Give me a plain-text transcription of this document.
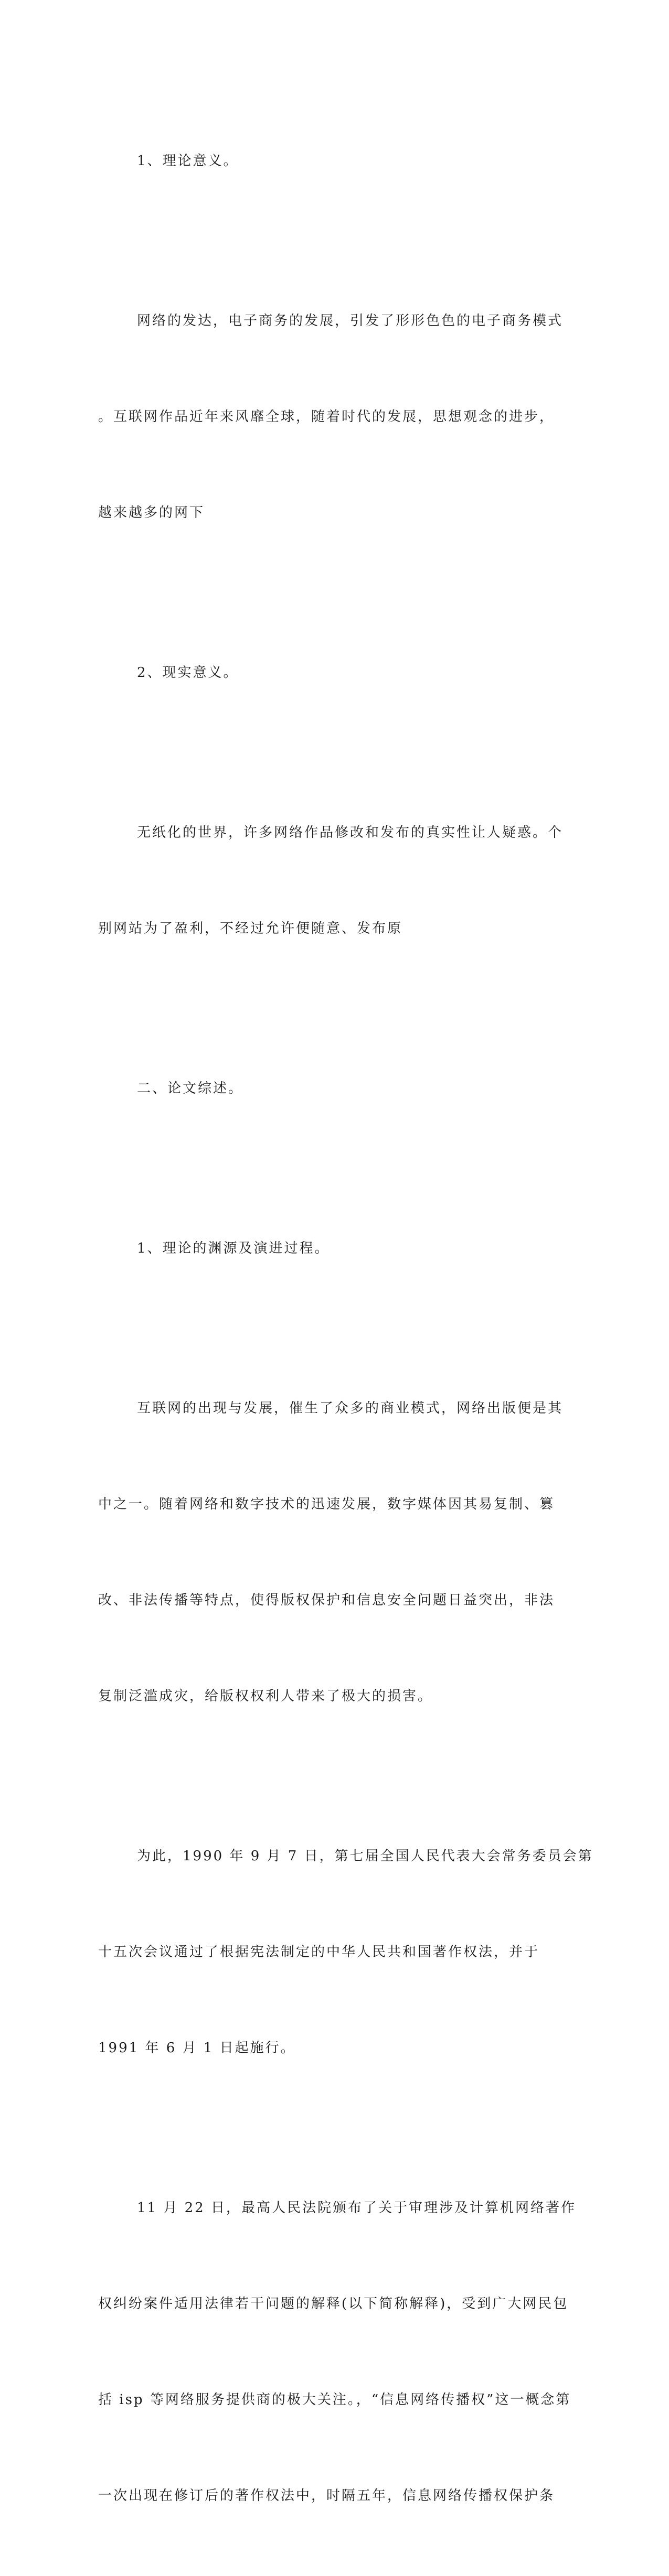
1、理论意义。

网络的发达，电子商务的发展，引发了形形色色的电子商务模式

。互联网作品近年来风靡全球，随着时代的发展，思想观念的进步，

越来越多的网下

2、现实意义。

无纸化的世界，许多网络作品修改和发布的真实性让人疑惑。个

别网站为了盈利，不经过允许便随意、发布原

二、论文综述。

1、理论的渊源及演进过程。

互联网的出现与发展，催生了众多的商业模式，网络出版便是其

中之一。随着网络和数字技术的迅速发展，数字媒体因其易复制、篡

改、非法传播等特点，使得版权保护和信息安全问题日益突出，非法

复制泛滥成灾，给版权权利人带来了极大的损害。

为此，1990 年 9 月 7 日，第七届全国人民代表大会常务委员会第

十五次会议通过了根据宪法制定的中华人民共和国著作权法，并于

1991 年 6 月 1 日起施行。

11 月 22 日，最高人民法院颁布了关于审理涉及计算机网络著作

权纠纷案件适用法律若干问题的解释(以下简称解释)，受到广大网民包

括 isp 等网络服务提供商的极大关注。，“信息网络传播权”这一概念第

一次出现在修订后的著作权法中，时隔五年，信息网络传播权保护条
